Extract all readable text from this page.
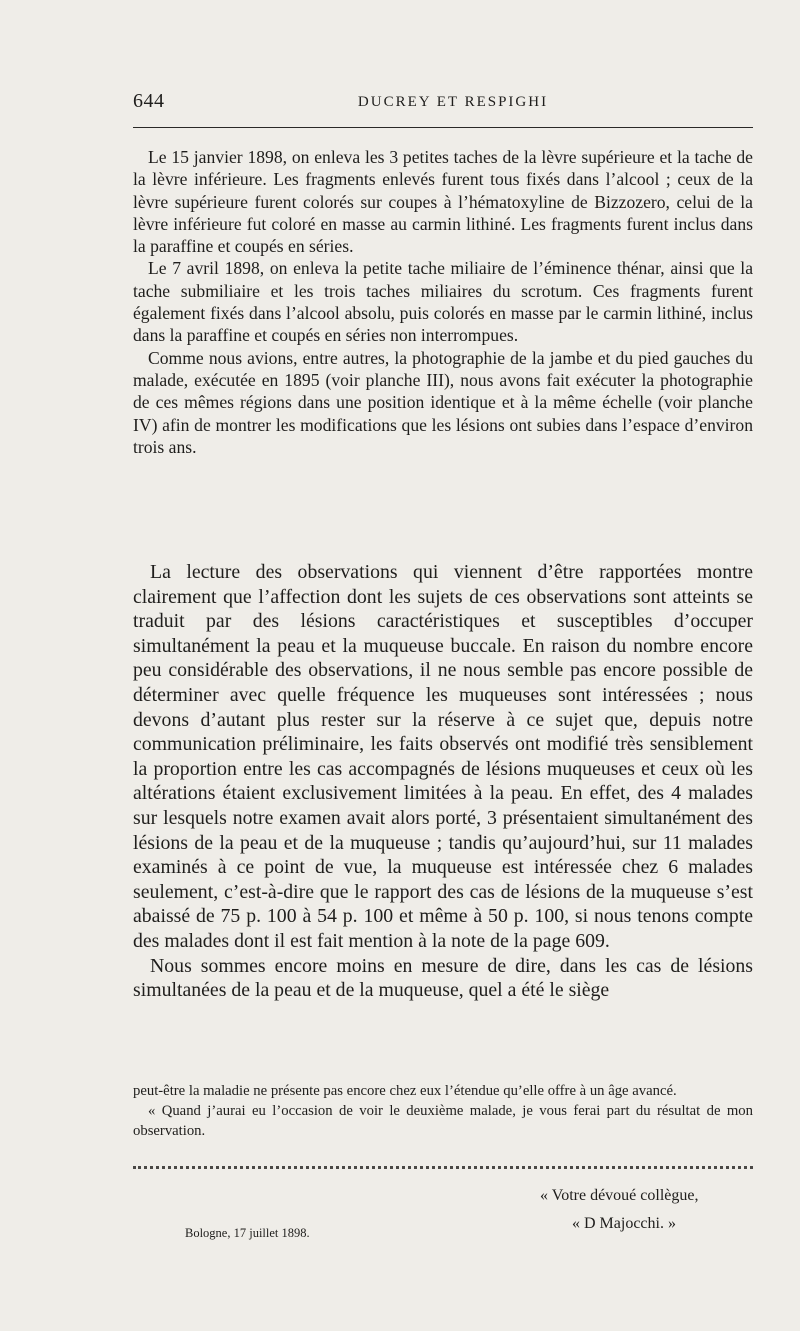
644	DUCREY ET RESPIGHI

Le 15 janvier 1898, on enleva les 3 petites taches de la lèvre supérieure et la tache de la lèvre inférieure. Les fragments enlevés furent tous fixés dans l’alcool ; ceux de la lèvre supérieure furent colorés sur coupes à l’hématoxyline de Bizzozero, celui de la lèvre inférieure fut coloré en masse au carmin lithiné. Les fragments furent inclus dans la paraffine et coupés en séries.

Le 7 avril 1898, on enleva la petite tache miliaire de l’éminence thénar, ainsi que la tache submiliaire et les trois taches miliaires du scrotum. Ces fragments furent également fixés dans l’alcool absolu, puis colorés en masse par le carmin lithiné, inclus dans la paraffine et coupés en séries non interrompues.

Comme nous avions, entre autres, la photographie de la jambe et du pied gauches du malade, exécutée en 1895 (voir planche III), nous avons fait exécuter la photographie de ces mêmes régions dans une position identique et à la même échelle (voir planche IV) afin de montrer les modifications que les lésions ont subies dans l’espace d’environ trois ans.

La lecture des observations qui viennent d’être rapportées montre clairement que l’affection dont les sujets de ces observations sont atteints se traduit par des lésions caractéristiques et susceptibles d’occuper simultanément la peau et la muqueuse buccale. En raison du nombre encore peu considérable des observations, il ne nous semble pas encore possible de déterminer avec quelle fréquence les muqueuses sont intéressées ; nous devons d’autant plus rester sur la réserve à ce sujet que, depuis notre communication préliminaire, les faits observés ont modifié très sensiblement la proportion entre les cas accompagnés de lésions muqueuses et ceux où les altérations étaient exclusivement limitées à la peau. En effet, des 4 malades sur lesquels notre examen avait alors porté, 3 présentaient simultanément des lésions de la peau et de la muqueuse ; tandis qu’aujourd’hui, sur 11 malades examinés à ce point de vue, la muqueuse est intéressée chez 6 malades seulement, c’est-à-dire que le rapport des cas de lésions de la muqueuse s’est abaissé de 75 p. 100 à 54 p. 100 et même à 50 p. 100, si nous tenons compte des malades dont il est fait mention à la note de la page 609.

Nous sommes encore moins en mesure de dire, dans les cas de lésions simultanées de la peau et de la muqueuse, quel a été le siège

peut-être la maladie ne présente pas encore chez eux l’étendue qu’elle offre à un âge avancé.

« Quand j’aurai eu l’occasion de voir le deuxième malade, je vous ferai part du résultat de mon observation.

« Votre dévoué collègue,
« D Majocchi. »
Bologne, 17 juillet 1898.
